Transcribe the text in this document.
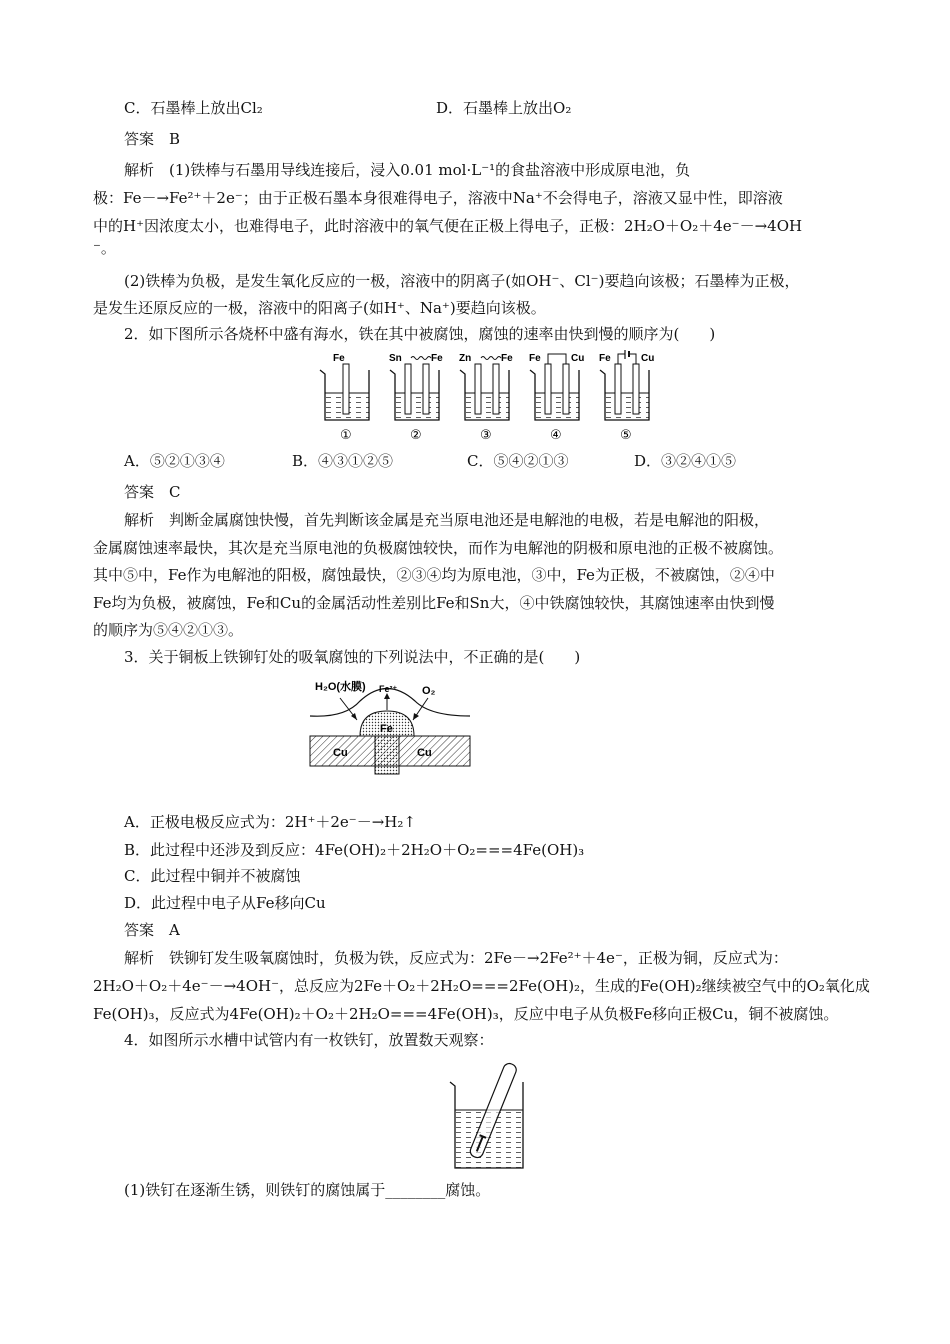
C．石墨棒上放出Cl₂	D．石墨棒上放出O₂
答案　B
解析　(1)铁棒与石墨用导线连接后，浸入0.01 mol·L⁻¹的食盐溶液中形成原电池，负
极：Fe－→Fe²⁺＋2e⁻；由于正极石墨本身很难得电子，溶液中Na⁺不会得电子，溶液又显中性，即溶液
中的H⁺因浓度太小，也难得电子，此时溶液中的氧气便在正极上得电子，正极：2H₂O＋O₂＋4e⁻－→4OH
⁻。
(2)铁棒为负极，是发生氧化反应的一极，溶液中的阴离子(如OH⁻、Cl⁻)要趋向该极；石墨棒为正极，
是发生还原反应的一极，溶液中的阳离子(如H⁺、Na⁺)要趋向该极。
2．如下图所示各烧杯中盛有海水，铁在其中被腐蚀，腐蚀的速率由快到慢的顺序为(　　)
Fe
①
Sn	Fe
②
Zn	Fe
③
Fe	Cu
④
Fe	Cu
⑤
A．⑤②①③④	B．④③①②⑤	C．⑤④②①③	D．③②④①⑤
答案　C
解析　判断金属腐蚀快慢，首先判断该金属是充当原电池还是电解池的电极，若是电解池的阳极，
金属腐蚀速率最快，其次是充当原电池的负极腐蚀较快，而作为电解池的阴极和原电池的正极不被腐蚀。
其中⑤中，Fe作为电解池的阳极，腐蚀最快，②③④均为原电池，③中，Fe为正极，不被腐蚀，②④中
Fe均为负极，被腐蚀，Fe和Cu的金属活动性差别比Fe和Sn大，④中铁腐蚀较快，其腐蚀速率由快到慢
的顺序为⑤④②①③。
3．关于铜板上铁铆钉处的吸氧腐蚀的下列说法中，不正确的是(　　)
H₂O(水膜) Fe²⁺ O₂
Fe
Cu	Cu
A．正极电极反应式为：2H⁺＋2e⁻－→H₂↑
B．此过程中还涉及到反应：4Fe(OH)₂＋2H₂O＋O₂===4Fe(OH)₃
C．此过程中铜并不被腐蚀
D．此过程中电子从Fe移向Cu
答案　A
解析　铁铆钉发生吸氧腐蚀时，负极为铁，反应式为：2Fe－→2Fe²⁺＋4e⁻，正极为铜，反应式为：
2H₂O＋O₂＋4e⁻－→4OH⁻，总反应为2Fe＋O₂＋2H₂O===2Fe(OH)₂，生成的Fe(OH)₂继续被空气中的O₂氧化成
Fe(OH)₃，反应式为4Fe(OH)₂＋O₂＋2H₂O===4Fe(OH)₃，反应中电子从负极Fe移向正极Cu，铜不被腐蚀。
4．如图所示水槽中试管内有一枚铁钉，放置数天观察：
(1)铁钉在逐渐生锈，则铁钉的腐蚀属于________腐蚀。
